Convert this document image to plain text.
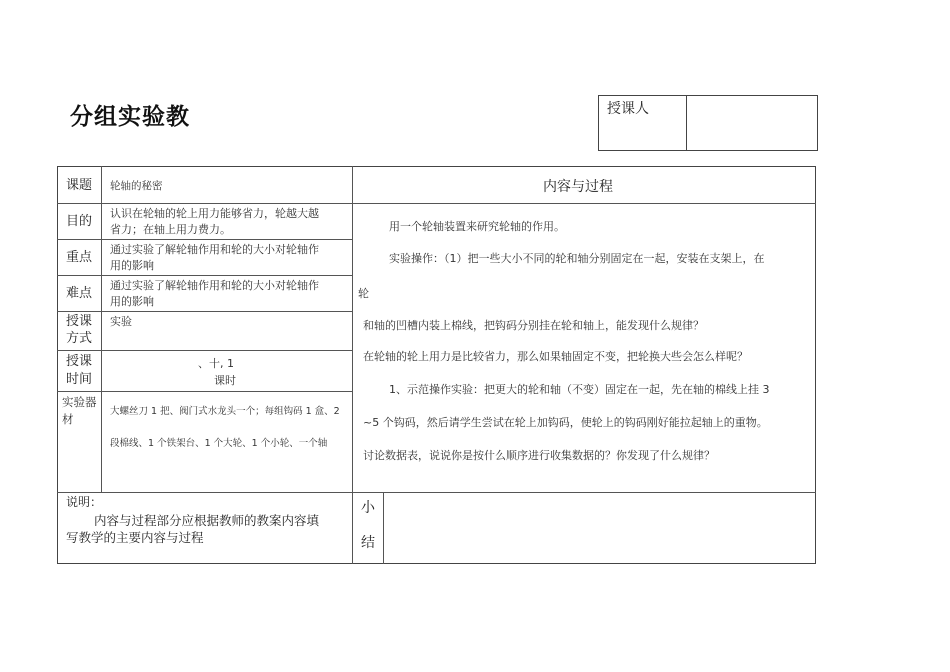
分组实验教	授课人
课题 轮轴的秘密	内容与过程
目的
认识在轮轴的轮上用力能够省力，轮越大越
省力；在轴上用力费力。
重点
通过实验了解轮轴作用和轮的大小对轮轴作
用的影响
难点
通过实验了解轮轴作用和轮的大小对轮轴作
用的影响
授课
方式
实验
授课
时间
、十, 1
课时
实验器
材
大螺丝刀 1 把、阀门式水龙头一个；每组钩码 1 盒、2
段棉线、1 个铁架台、1 个大轮、1 个小轮、一个轴
用一个轮轴装置来研究轮轴的作用。
实验操作：（1）把一些大小不同的轮和轴分别固定在一起，安装在支架上，在
轮
和轴的凹槽内装上棉线，把钩码分别挂在轮和轴上，能发现什么规律？
在轮轴的轮上用力是比较省力，那么如果轴固定不变，把轮换大些会怎么样呢？
1、示范操作实验：把更大的轮和轴（不变）固定在一起，先在轴的棉线上挂 3
~5 个钩码，然后请学生尝试在轮上加钩码，使轮上的钩码刚好能拉起轴上的重物。
讨论数据表，说说你是按什么顺序进行收集数据的？你发现了什么规律？
说明：
内容与过程部分应根据教师的教案内容填
写教学的主要内容与过程
小
结
